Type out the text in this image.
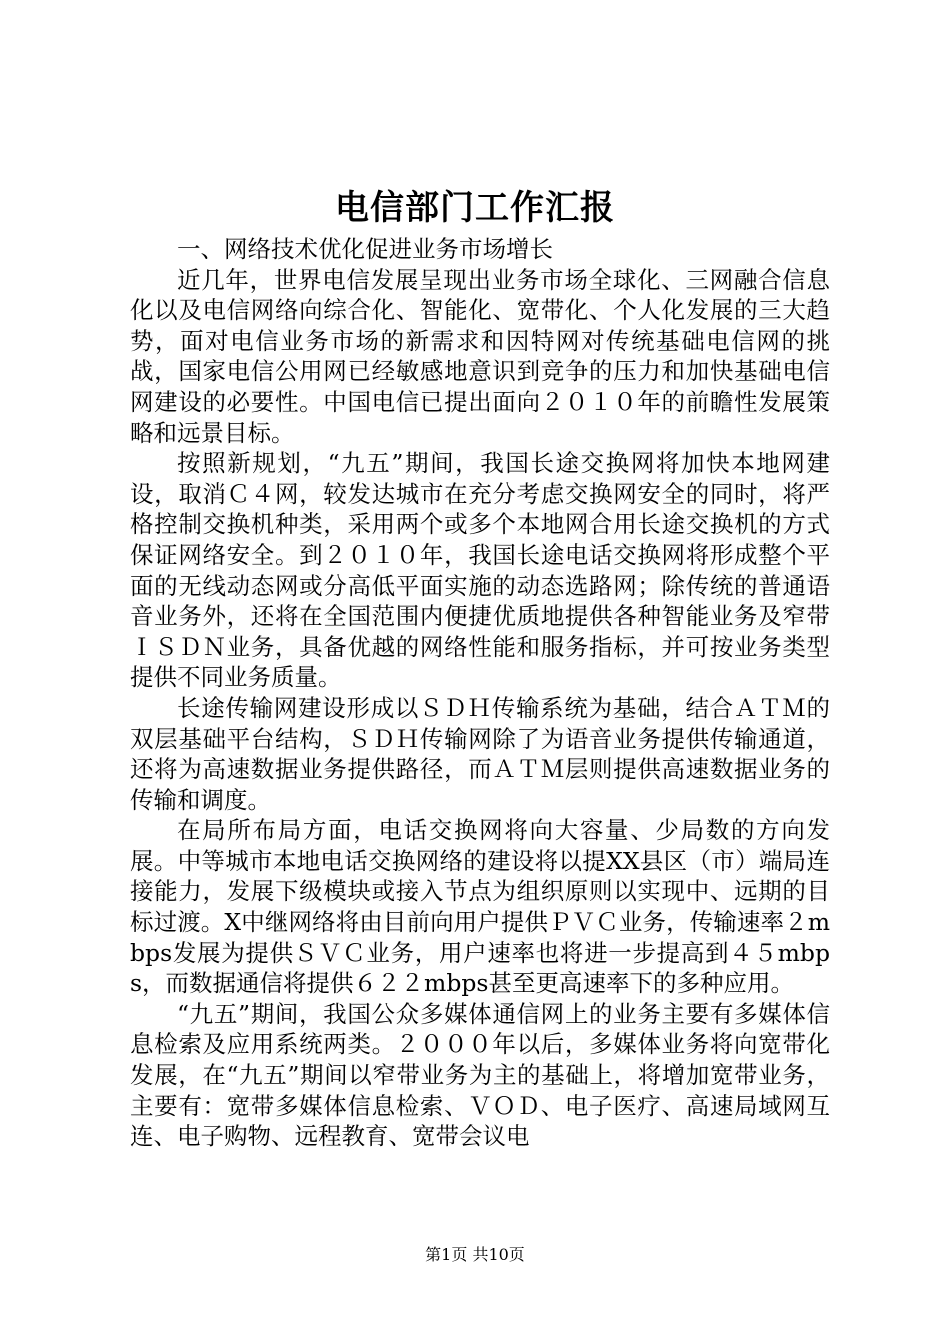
电信部门工作汇报

一、网络技术优化促进业务市场增长

近几年，世界电信发展呈现出业务市场全球化、三网融合信息化以及电信网络向综合化、智能化、宽带化、个人化发展的三大趋势，面对电信业务市场的新需求和因特网对传统基础电信网的挑战，国家电信公用网已经敏感地意识到竞争的压力和加快基础电信网建设的必要性。中国电信已提出面向２０１０年的前瞻性发展策略和远景目标。

按照新规划，“九五”期间，我国长途交换网将加快本地网建设，取消Ｃ４网，较发达城市在充分考虑交换网安全的同时，将严格控制交换机种类，采用两个或多个本地网合用长途交换机的方式保证网络安全。到２０１０年，我国长途电话交换网将形成整个平面的无线动态网或分高低平面实施的动态选路网；除传统的普通语音业务外，还将在全国范围内便捷优质地提供各种智能业务及窄带ＩＳＤＮ业务，具备优越的网络性能和服务指标，并可按业务类型提供不同业务质量。

长途传输网建设形成以ＳＤＨ传输系统为基础，结合ＡＴＭ的双层基础平台结构，ＳＤＨ传输网除了为语音业务提供传输通道，还将为高速数据业务提供路径，而ＡＴＭ层则提供高速数据业务的传输和调度。

在局所布局方面，电话交换网将向大容量、少局数的方向发展。中等城市本地电话交换网络的建设将以提XX县区（市）端局连接能力，发展下级模块或接入节点为组织原则以实现中、远期的目标过渡。X中继网络将由目前向用户提供ＰＶＣ业务，传输速率２mbps发展为提供ＳＶＣ业务，用户速率也将进一步提高到４５mbps，而数据通信将提供６２２mbps甚至更高速率下的多种应用。

“九五”期间，我国公众多媒体通信网上的业务主要有多媒体信息检索及应用系统两类。２０００年以后，多媒体业务将向宽带化发展，在“九五”期间以窄带业务为主的基础上，将增加宽带业务，主要有：宽带多媒体信息检索、ＶＯＤ、电子医疗、高速局域网互连、电子购物、远程教育、宽带会议电

第1页 共10页
